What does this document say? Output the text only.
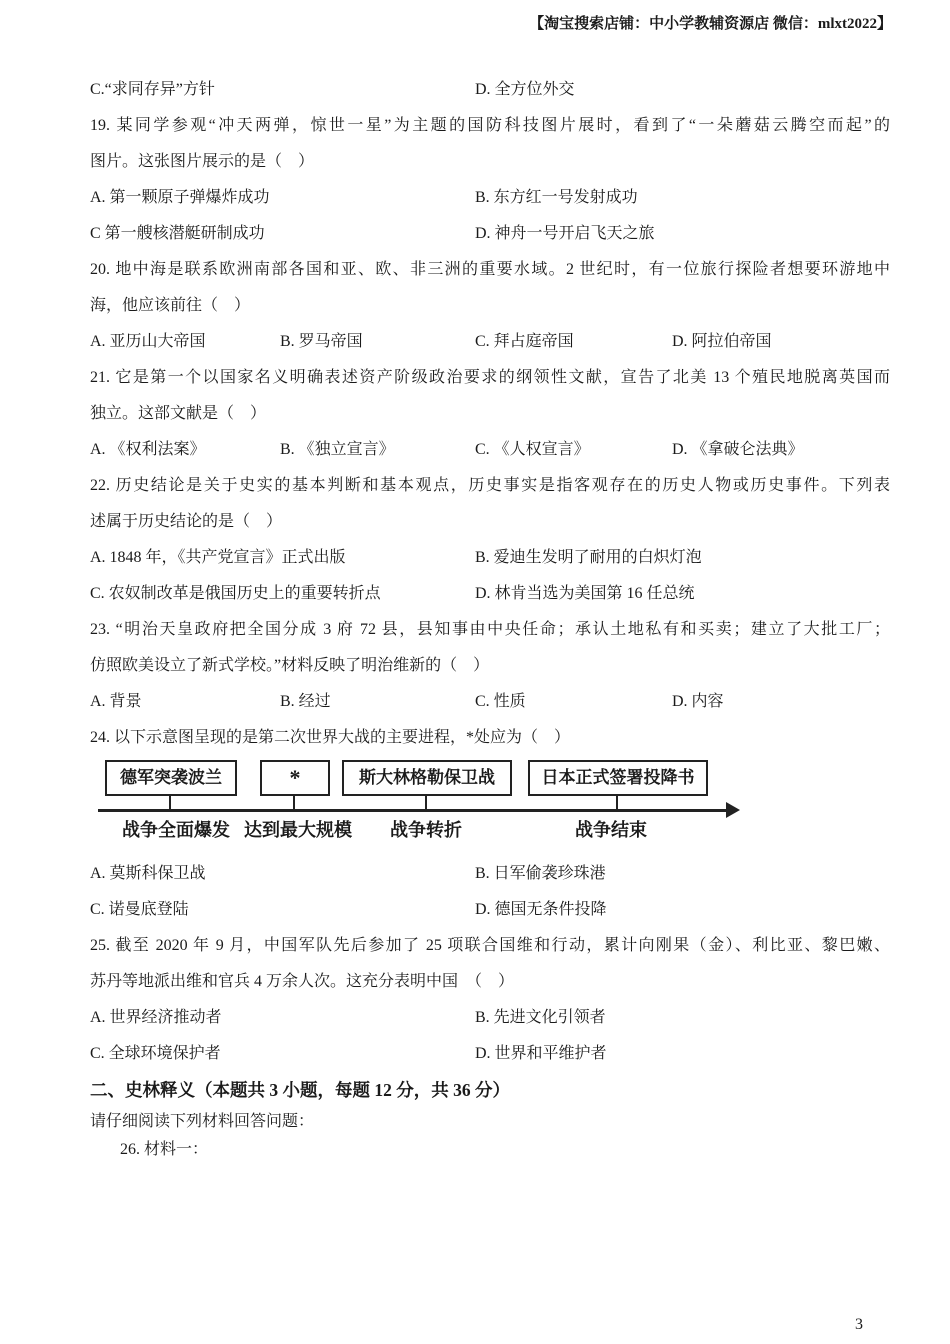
【淘宝搜索店铺：中小学教辅资源店 微信：mlxt2022】
C.“求同存异”方针	D. 全方位外交
19. 某同学参观“冲天两弹，惊世一星”为主题的国防科技图片展时，看到了“一朵蘑菇云腾空而起”的
图片。这张图片展示的是（　）
A. 第一颗原子弹爆炸成功	B. 东方红一号发射成功
C 第一艘核潜艇研制成功	D. 神舟一号开启飞天之旅
20. 地中海是联系欧洲南部各国和亚、欧、非三洲的重要水域。2 世纪时，有一位旅行探险者想要环游地中
海，他应该前往（　）
A. 亚历山大帝国	B. 罗马帝国	C. 拜占庭帝国	D. 阿拉伯帝国
21. 它是第一个以国家名义明确表述资产阶级政治要求的纲领性文献，宣告了北美 13 个殖民地脱离英国而
独立。这部文献是（　）
A. 《权利法案》	B. 《独立宣言》	C. 《人权宣言》	D. 《拿破仑法典》
22. 历史结论是关于史实的基本判断和基本观点，历史事实是指客观存在的历史人物或历史事件。下列表
述属于历史结论的是（　）
A. 1848 年，《共产党宣言》正式出版	B. 爱迪生发明了耐用的白炽灯泡
C. 农奴制改革是俄国历史上的重要转折点	D. 林肯当选为美国第 16 任总统
23. “明治天皇政府把全国分成 3 府 72 县，县知事由中央任命；承认土地私有和买卖；建立了大批工厂；
仿照欧美设立了新式学校。”材料反映了明治维新的（　）
A. 背景	B. 经过	C. 性质	D. 内容
24. 以下示意图呈现的是第二次世界大战的主要进程，*处应为（　）
德军突袭波兰	*	斯大林格勒保卫战	日本正式签署投降书
战争全面爆发 达到最大规模 战争转折	战争结束
A. 莫斯科保卫战	B. 日军偷袭珍珠港
C. 诺曼底登陆	D. 德国无条件投降
25. 截至 2020 年 9 月，中国军队先后参加了 25 项联合国维和行动，累计向刚果（金）、利比亚、黎巴嫩、
苏丹等地派出维和官兵 4 万余人次。这充分表明中国　（　）
A. 世界经济推动者	B. 先进文化引领者
C. 全球环境保护者	D. 世界和平维护者
二、史林释义（本题共 3 小题，每题 12 分，共 36 分）
请仔细阅读下列材料回答问题：
26. 材料一：
3
